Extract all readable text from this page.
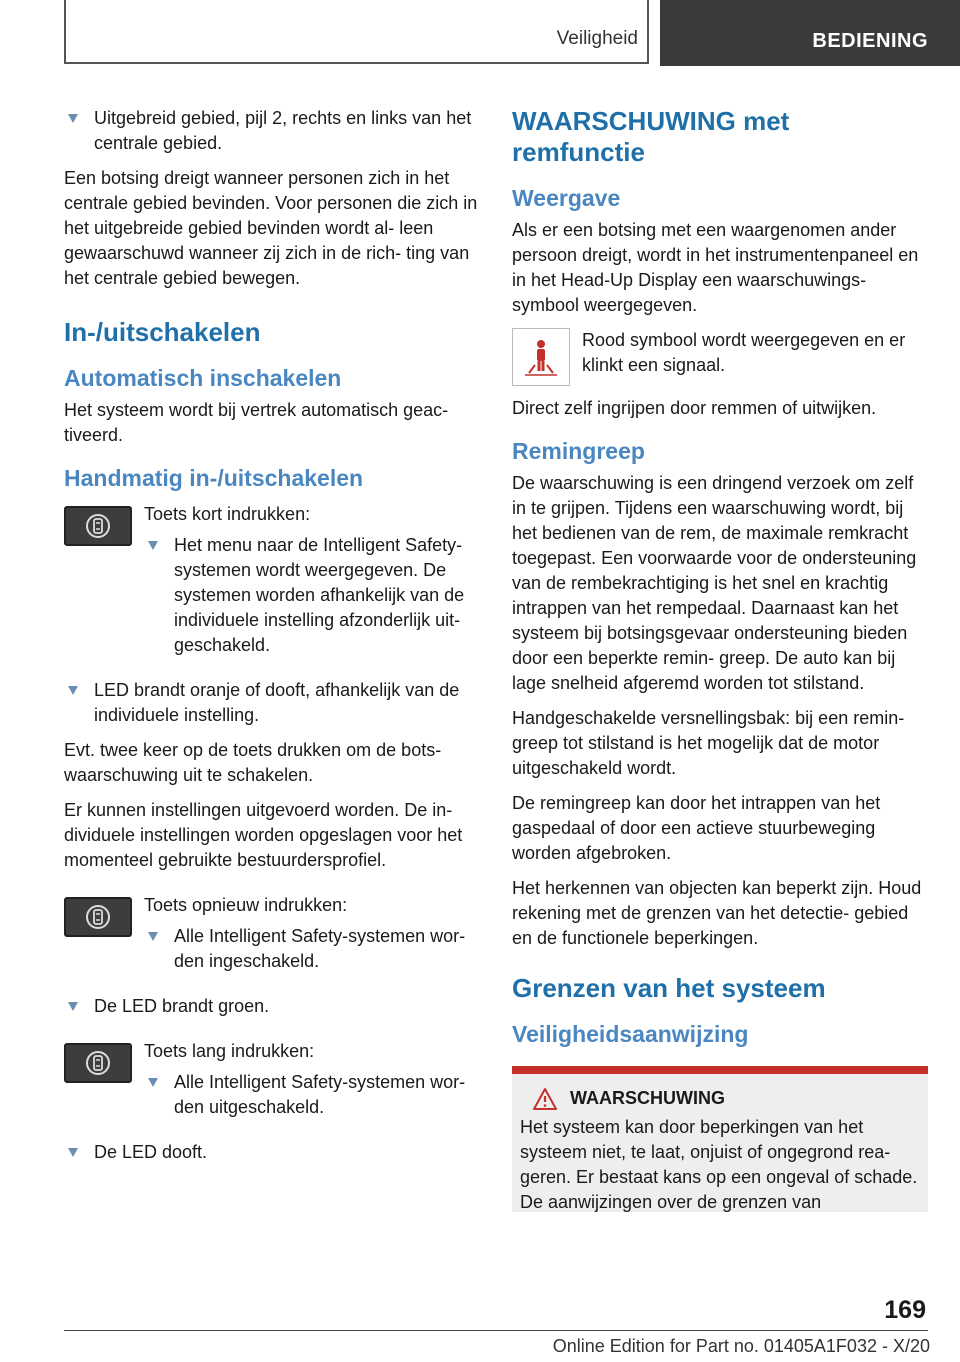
Veiligheid	BEDIENING
Uitgebreid gebied, pijl 2, rechts en links van het centrale gebied.

Een botsing dreigt wanneer personen zich in het centrale gebied bevinden. Voor personen die zich in het uitgebreide gebied bevinden wordt al‐ leen gewaarschuwd wanneer zij zich in de rich‐ ting van het centrale gebied bewegen.

In-/uitschakelen
Automatisch inschakelen

Het systeem wordt bij vertrek automatisch geac‐ tiveerd.

Handmatig in-/uitschakelen
Toets kort indrukken:
Het menu naar de Intelligent Safety- systemen wordt weergegeven. De systemen worden afhankelijk van de individuele instelling afzonderlijk uit‐ geschakeld.
LED brandt oranje of dooft, afhankelijk van de individuele instelling.

Evt. twee keer op de toets drukken om de bots‐ waarschuwing uit te schakelen.

Er kunnen instellingen uitgevoerd worden. De in‐ dividuele instellingen worden opgeslagen voor het momenteel gebruikte bestuurdersprofiel.

Toets opnieuw indrukken:
Alle Intelligent Safety-systemen wor‐ den ingeschakeld.
De LED brandt groen.
Toets lang indrukken:
Alle Intelligent Safety-systemen wor‐ den uitgeschakeld.
De LED dooft.
WAARSCHUWING met remfunctie
Weergave

Als er een botsing met een waargenomen ander persoon dreigt, wordt in het instrumentenpaneel en in het Head-Up Display een waarschuwings‐ symbool weergegeven.

Rood symbool wordt weergegeven en er klinkt een signaal.

Direct zelf ingrijpen door remmen of uitwijken.

Remingreep

De waarschuwing is een dringend verzoek om zelf in te grijpen. Tijdens een waarschuwing wordt, bij het bedienen van de rem, de maximale remkracht toegepast. Een voorwaarde voor de ondersteuning van de rembekrachtiging is het snel en krachtig intrappen van het rempedaal. Daarnaast kan het systeem bij botsingsgevaar ondersteuning bieden door een beperkte remin‐ greep. De auto kan bij lage snelheid afgeremd worden tot stilstand.

Handgeschakelde versnellingsbak: bij een remin‐ greep tot stilstand is het mogelijk dat de motor uitgeschakeld wordt.

De remingreep kan door het intrappen van het gaspedaal of door een actieve stuurbeweging worden afgebroken.

Het herkennen van objecten kan beperkt zijn. Houd rekening met de grenzen van het detectie‐ gebied en de functionele beperkingen.

Grenzen van het systeem
Veiligheidsaanwijzing
WAARSCHUWING
Het systeem kan door beperkingen van het systeem niet, te laat, onjuist of ongegrond rea‐ geren. Er bestaat kans op een ongeval of schade. De aanwijzingen over de grenzen van
169
Online Edition for Part no. 01405A1F032 - X/20
